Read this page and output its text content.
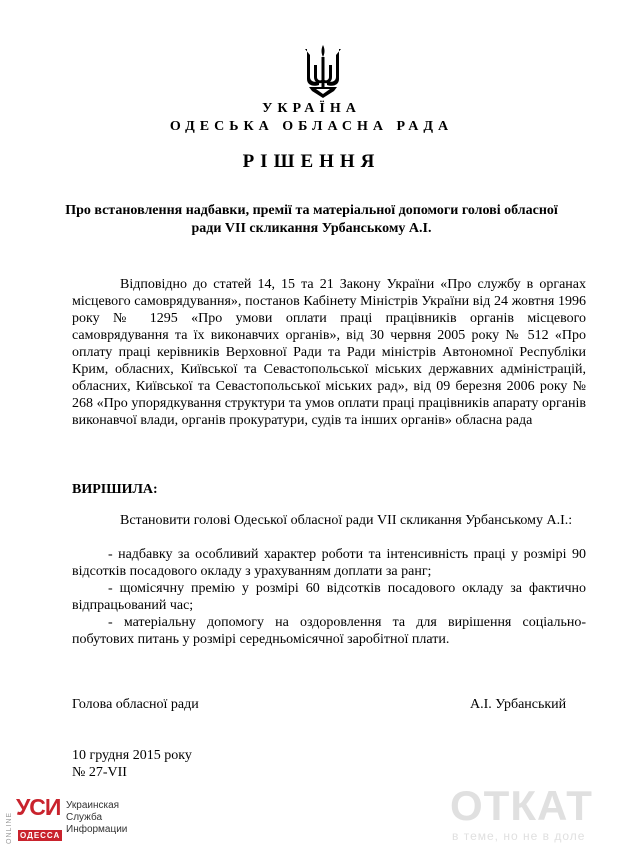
УКРАЇНА
ОДЕСЬКА ОБЛАСНА РАДА
РІШЕННЯ
Про встановлення надбавки, премії та матеріальної допомоги голові обласної ради VII скликання Урбанському А.І.

Відповідно до статей 14, 15 та 21 Закону України «Про службу в органах місцевого самоврядування», постанов Кабінету Міністрів України від 24 жовтня 1996 року № 1295 «Про умови оплати праці працівників органів місцевого самоврядування та їх виконавчих органів», від 30 червня 2005 року № 512 «Про оплату праці керівників Верховної Ради та Ради міністрів Автономної Республіки Крим, обласних, Київської та Севастопольської міських державних адміністрацій, обласних, Київської та Севастопольської міських рад», від 09 березня 2006 року № 268 «Про упорядкування структури та умов оплати праці працівників апарату органів виконавчої влади, органів прокуратури, судів та інших органів» обласна рада

ВИРІШИЛА:

Встановити голові Одеської обласної ради VII скликання Урбанському А.І.:

- надбавку за особливий характер роботи та інтенсивність праці у розмірі 90 відсотків посадового окладу з урахуванням доплати за ранг;

- щомісячну премію у розмірі 60 відсотків посадового окладу за фактично відпрацьований час;

- матеріальну допомогу на оздоровлення та для вирішення соціально-побутових питань у розмірі середньомісячної заробітної плати.

Голова обласної ради	А.І. Урбанський
10 грудня 2015 року
№ 27-VII
ONLINE
УСИ
ОДЕССА
Украинская
Служба
Информации
ОТКАТ
в теме, но не в доле
